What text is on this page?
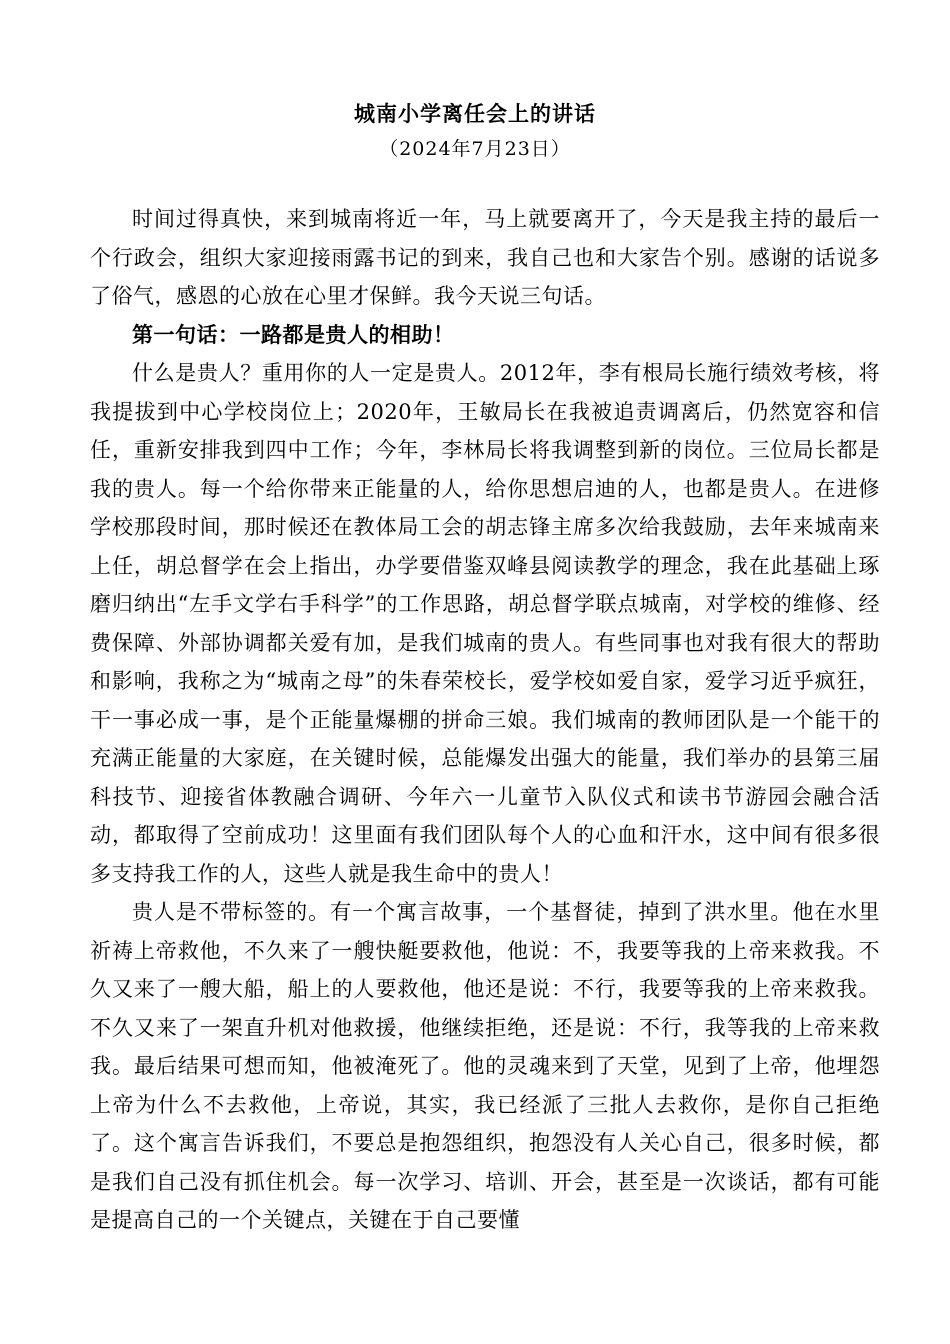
城南小学离任会上的讲话
（2024年7月23日）

时间过得真快，来到城南将近一年，马上就要离开了，今天是我主持的最后一个行政会，组织大家迎接雨露书记的到来，我自己也和大家告个别。感谢的话说多了俗气，感恩的心放在心里才保鲜。我今天说三句话。

第一句话：一路都是贵人的相助！

什么是贵人？重用你的人一定是贵人。2012年，李有根局长施行绩效考核，将我提拔到中心学校岗位上；2020年，王敏局长在我被追责调离后，仍然宽容和信任，重新安排我到四中工作；今年，李林局长将我调整到新的岗位。三位局长都是我的贵人。每一个给你带来正能量的人，给你思想启迪的人，也都是贵人。在进修学校那段时间，那时候还在教体局工会的胡志锋主席多次给我鼓励，去年来城南来上任，胡总督学在会上指出，办学要借鉴双峰县阅读教学的理念，我在此基础上琢磨归纳出“左手文学右手科学”的工作思路，胡总督学联点城南，对学校的维修、经费保障、外部协调都关爱有加，是我们城南的贵人。有些同事也对我有很大的帮助和影响，我称之为“城南之母”的朱春荣校长，爱学校如爱自家，爱学习近乎疯狂，干一事必成一事，是个正能量爆棚的拼命三娘。我们城南的教师团队是一个能干的充满正能量的大家庭，在关键时候，总能爆发出强大的能量，我们举办的县第三届科技节、迎接省体教融合调研、今年六一儿童节入队仪式和读书节游园会融合活动，都取得了空前成功！这里面有我们团队每个人的心血和汗水，这中间有很多很多支持我工作的人，这些人就是我生命中的贵人！

贵人是不带标签的。有一个寓言故事，一个基督徒，掉到了洪水里。他在水里祈祷上帝救他，不久来了一艘快艇要救他，他说：不，我要等我的上帝来救我。不久又来了一艘大船，船上的人要救他，他还是说：不行，我要等我的上帝来救我。不久又来了一架直升机对他救援，他继续拒绝，还是说：不行，我等我的上帝来救我。最后结果可想而知，他被淹死了。他的灵魂来到了天堂，见到了上帝，他埋怨上帝为什么不去救他，上帝说，其实，我已经派了三批人去救你，是你自己拒绝了。这个寓言告诉我们，不要总是抱怨组织，抱怨没有人关心自己，很多时候，都是我们自己没有抓住机会。每一次学习、培训、开会，甚至是一次谈话，都有可能是提高自己的一个关键点，关键在于自己要懂
